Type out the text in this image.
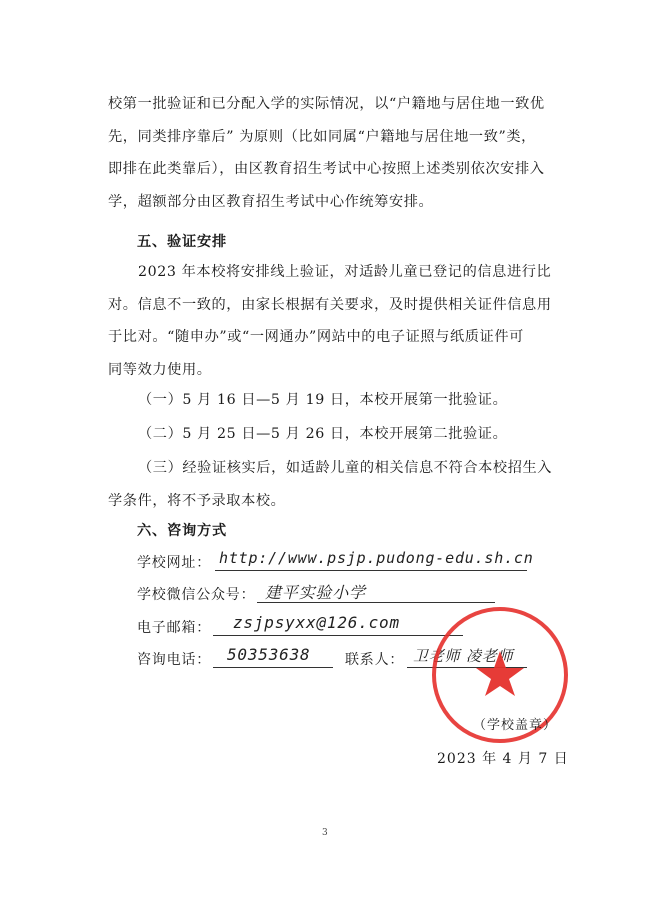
校第一批验证和已分配入学的实际情况，以“户籍地与居住地一致优
先，同类排序靠后” 为原则（比如同属“户籍地与居住地一致”类，
即排在此类靠后），由区教育招生考试中心按照上述类别依次安排入
学，超额部分由区教育招生考试中心作统筹安排。
五、验证安排
2023 年本校将安排线上验证，对适龄儿童已登记的信息进行比
对。信息不一致的，由家长根据有关要求，及时提供相关证件信息用
于比对。“随申办”或“一网通办”网站中的电子证照与纸质证件可
同等效力使用。
（一）5 月 16 日—5 月 19 日，本校开展第一批验证。
（二）5 月 25 日—5 月 26 日，本校开展第二批验证。
（三）经验证核实后，如适龄儿童的相关信息不符合本校招生入
学条件，将不予录取本校。
六、咨询方式
学校网址： http://www.psjp.pudong-edu.sh.cn
学校微信公众号： 建平实验小学
电子邮箱： zsjpsyxx@126.com
咨询电话： 50353638 联系人： 卫老师 凌老师
（学校盖章）
2023 年 4 月 7 日
3
